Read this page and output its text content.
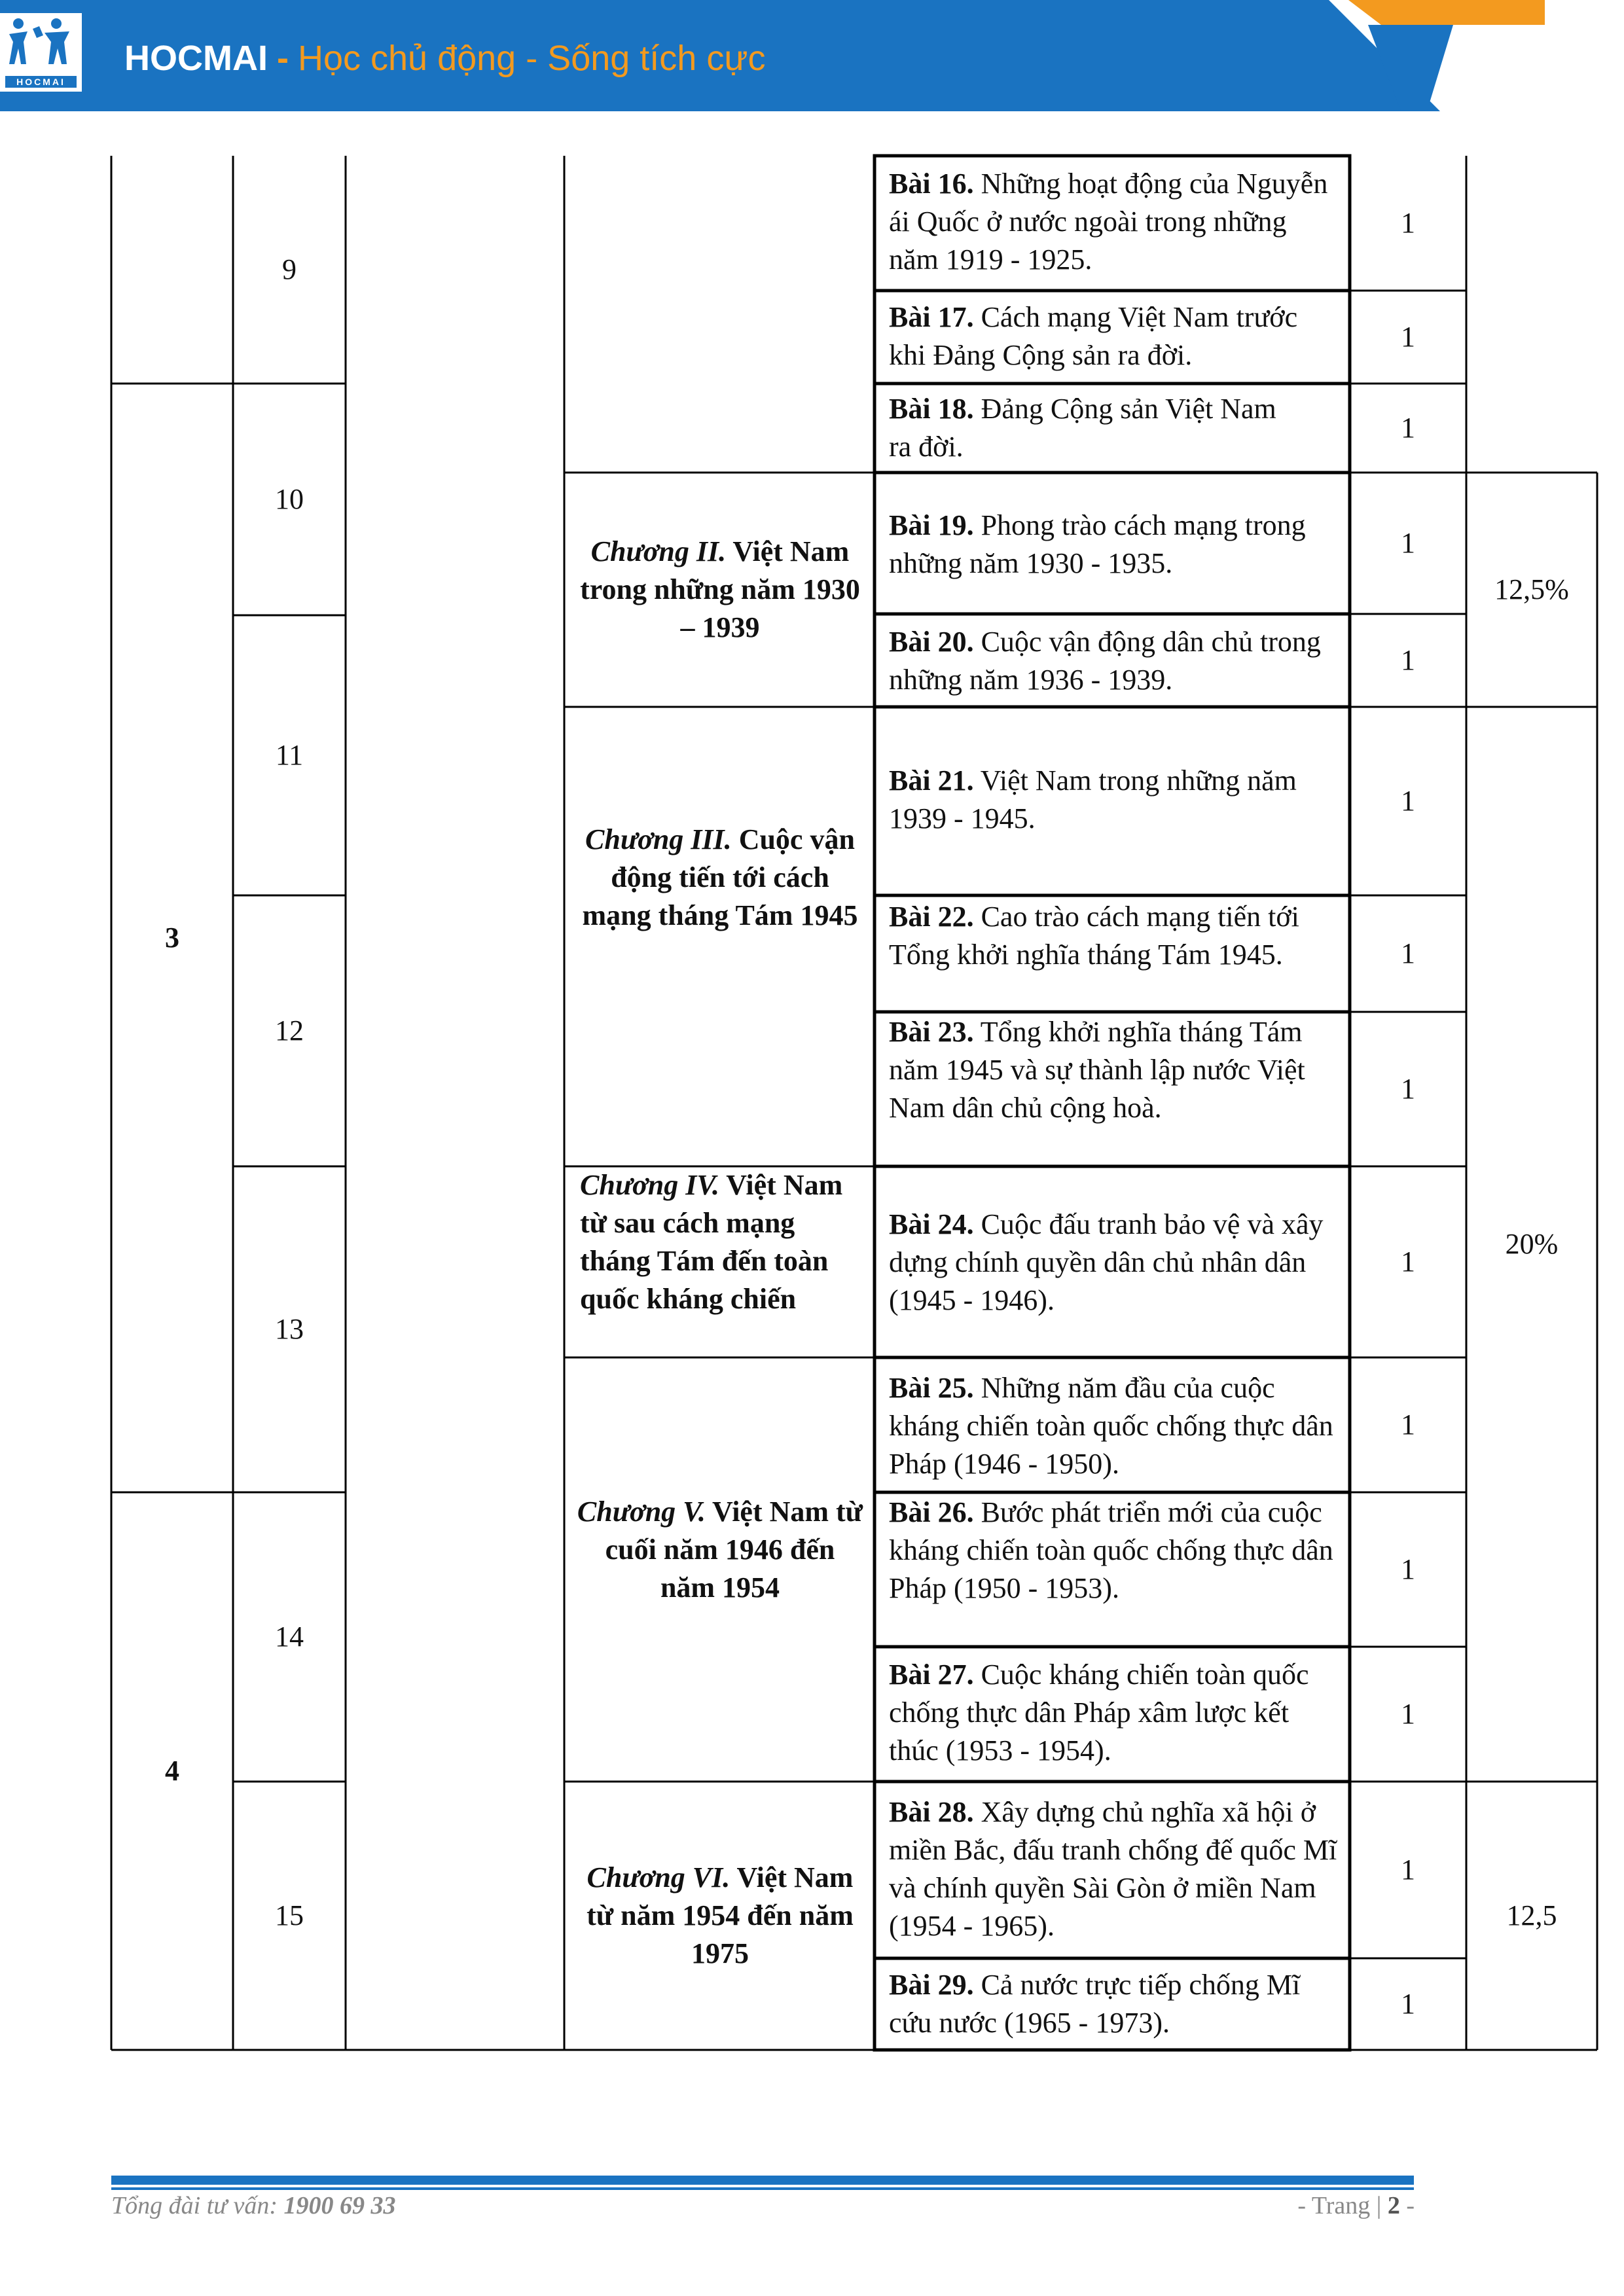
HOCMAI
HOCMAI - Học chủ động - Sống tích cực
3
4
9
10
11
12
13
14
15
Chương II. Việt Nam trong những năm 1930 – 1939
Chương III. Cuộc vận động tiến tới cách mạng tháng Tám 1945
Chương IV. Việt Nam từ sau cách mạng tháng Tám đến toàn quốc kháng chiến
Chương V. Việt Nam từ cuối năm 1946 đến năm 1954
Chương VI. Việt Nam từ năm 1954 đến năm 1975
Bài 16. Những hoạt động của Nguyễn ái Quốc ở nước ngoài trong những năm 1919 - 1925.
Bài 17. Cách mạng Việt Nam trước khi Đảng Cộng sản ra đời.
Bài 18. Đảng Cộng sản Việt Nam ra đời.
Bài 19. Phong trào cách mạng trong những năm 1930 - 1935.
Bài 20. Cuộc vận động dân chủ trong những năm 1936 - 1939.
Bài 21. Việt Nam trong những năm 1939 - 1945.
Bài 22. Cao trào cách mạng tiến tới Tổng khởi nghĩa tháng Tám 1945.
Bài 23. Tổng khởi nghĩa tháng Tám năm 1945 và sự thành lập nước Việt Nam dân chủ cộng hoà.
Bài 24. Cuộc đấu tranh bảo vệ và xây dựng chính quyền dân chủ nhân dân (1945 - 1946).
Bài 25. Những năm đầu của cuộc kháng chiến toàn quốc chống thực dân Pháp (1946 - 1950).
Bài 26. Bước phát triển mới của cuộc kháng chiến toàn quốc chống thực dân Pháp (1950 - 1953).
Bài 27. Cuộc kháng chiến toàn quốc chống thực dân Pháp xâm lược kết thúc (1953 - 1954).
Bài 28. Xây dựng chủ nghĩa xã hội ở miền Bắc, đấu tranh chống đế quốc Mĩ và chính quyền Sài Gòn ở miền Nam (1954 - 1965).
Bài 29. Cả nước trực tiếp chống Mĩ cứu nước (1965 - 1973).
1
1
1
1
1
1
1
1
1
1
1
1
1
1
12,5%
20%
12,5
Tổng đài tư vấn: 1900 69 33	- Trang | 2 -
